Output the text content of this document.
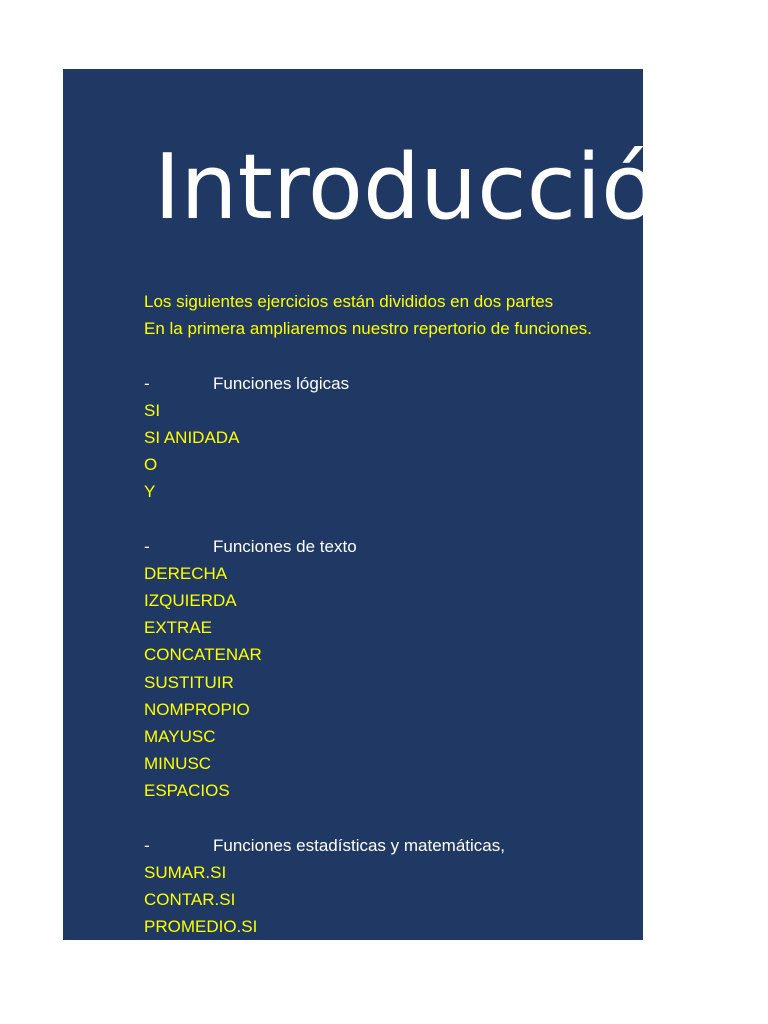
Introducción
Los siguientes ejercicios están divididos en dos partes
En la primera ampliaremos nuestro repertorio de funciones.
-	Funciones lógicas
SI
SI ANIDADA
O
Y
-	Funciones de texto
DERECHA
IZQUIERDA
EXTRAE
CONCATENAR
SUSTITUIR
NOMPROPIO
MAYUSC
MINUSC
ESPACIOS
-	Funciones estadísticas y matemáticas,
SUMAR.SI
CONTAR.SI
PROMEDIO.SI
